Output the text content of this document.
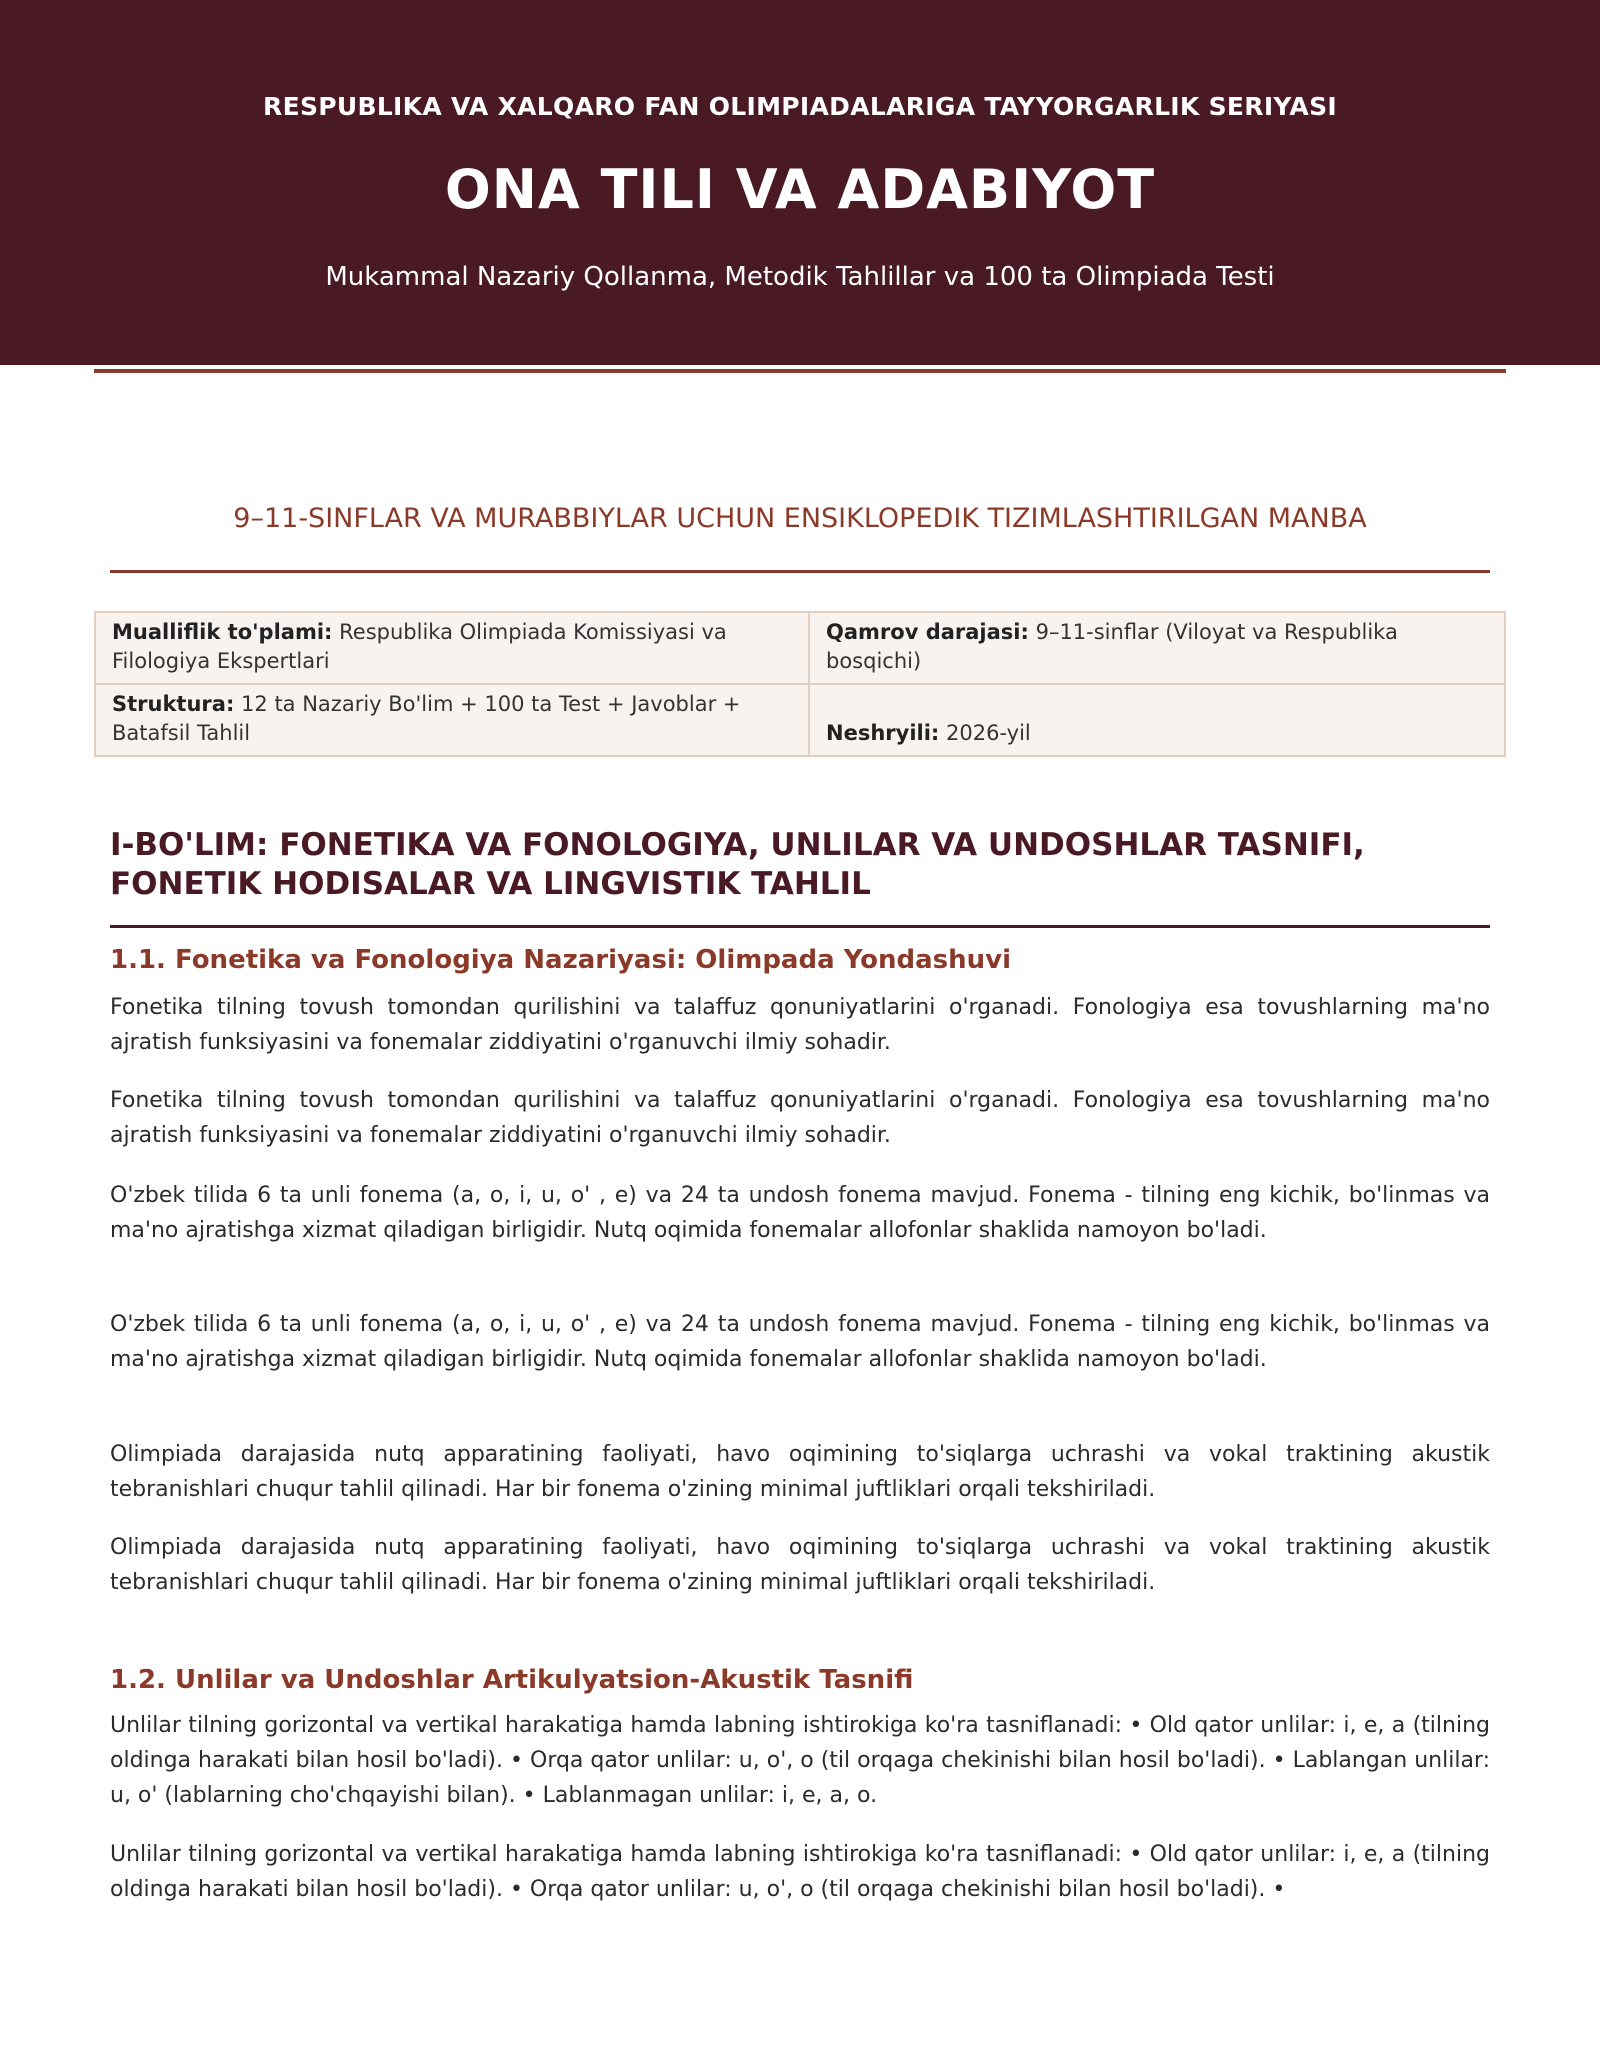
RESPUBLIKA VA XALQARO FAN OLIMPIADALARIGA TAYYORGARLIK SERIYASI
ONA TILI VA ADABIYOT
Mukammal Nazariy Qollanma, Metodik Tahlillar va 100 ta Olimpiada Testi
9–11-SINFLAR VA MURABBIYLAR UCHUN ENSIKLOPEDIK TIZIMLASHTIRILGAN MANBA
Mualliflik to'plami: Respublika Olimpiada Komissiyasi va Filologiya Ekspertlari	Qamrov darajasi: 9–11-sinflar (Viloyat va Respublika bosqichi)
Struktura: 12 ta Nazariy Bo'lim + 100 ta Test + Javoblar + Batafsil Tahlil	Neshryili: 2026-yil
I-BO'LIM: FONETIKA VA FONOLOGIYA, UNLILAR VA UNDOSHLAR TASNIFI, FONETIK HODISALAR VA LINGVISTIK TAHLIL
1.1. Fonetika va Fonologiya Nazariyasi: Olimpada Yondashuvi

Fonetika tilning tovush tomondan qurilishini va talaffuz qonuniyatlarini o'rganadi. Fonologiya esa tovushlarning ma'no ajratish funksiyasini va fonemalar ziddiyatini o'rganuvchi ilmiy sohadir.

Fonetika tilning tovush tomondan qurilishini va talaffuz qonuniyatlarini o'rganadi. Fonologiya esa tovushlarning ma'no ajratish funksiyasini va fonemalar ziddiyatini o'rganuvchi ilmiy sohadir.

O'zbek tilida 6 ta unli fonema (a, o, i, u, o' , e) va 24 ta undosh fonema mavjud. Fonema - tilning eng kichik, bo'linmas va ma'no ajratishga xizmat qiladigan birligidir. Nutq oqimida fonemalar allofonlar shaklida namoyon bo'ladi.

O'zbek tilida 6 ta unli fonema (a, o, i, u, o' , e) va 24 ta undosh fonema mavjud. Fonema - tilning eng kichik, bo'linmas va ma'no ajratishga xizmat qiladigan birligidir. Nutq oqimida fonemalar allofonlar shaklida namoyon bo'ladi.

Olimpiada darajasida nutq apparatining faoliyati, havo oqimining to'siqlarga uchrashi va vokal traktining akustik tebranishlari chuqur tahlil qilinadi. Har bir fonema o'zining minimal juftliklari orqali tekshiriladi.

Olimpiada darajasida nutq apparatining faoliyati, havo oqimining to'siqlarga uchrashi va vokal traktining akustik tebranishlari chuqur tahlil qilinadi. Har bir fonema o'zining minimal juftliklari orqali tekshiriladi.

1.2. Unlilar va Undoshlar Artikulyatsion-Akustik Tasnifi

Unlilar tilning gorizontal va vertikal harakatiga hamda labning ishtirokiga ko'ra tasniflanadi: • Old qator unlilar: i, e, a (tilning oldinga harakati bilan hosil bo'ladi). • Orqa qator unlilar: u, o', o (til orqaga chekinishi bilan hosil bo'ladi). • Lablangan unlilar: u, o' (lablarning cho'chqayishi bilan). • Lablanmagan unlilar: i, e, a, o.

Unlilar tilning gorizontal va vertikal harakatiga hamda labning ishtirokiga ko'ra tasniflanadi: • Old qator unlilar: i, e, a (tilning oldinga harakati bilan hosil bo'ladi). • Orqa qator unlilar: u, o', o (til orqaga chekinishi bilan hosil bo'ladi). •
